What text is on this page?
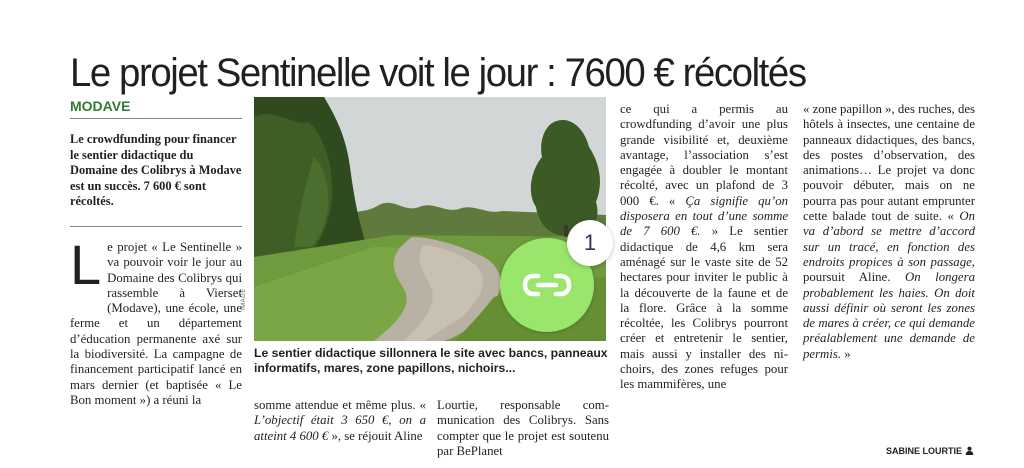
Le projet Sentinelle voit le jour : 7600 € récoltés
MODAVE
Le crowdfunding pour financer le sentier didactique du Domaine des Colibrys à Modave est un succès. 7 600 € sont récoltés.
L e projet « Le Sentinelle » va pouvoir voir le jour au Domaine des Colibrys qui rassemble à Vierset (Modave), une école, une ferme et un département d’éducation permanente axé sur la biodiversité. La campagne de financement participatif lancé en mars dernier (et baptisée « Le Bon moment ») a réuni la

IMAGE
1
Le sentier didactique sillonnera le site avec bancs, panneaux informatifs, mares, zone papillons, nichoirs...

somme attendue et même plus. « L’objectif était 3 650 €, on a atteint 4 600 € », se réjouit Aline

Lourtie, responsable communication des Colibrys. Sans compter que le projet est soutenu par BePlanet

ce qui a permis au crowdfunding d’avoir une plus grande visibilité et, deuxième avantage, l’association s’est engagée à doubler le montant récolté, avec un plafond de 3 000 €. « Ça signifie qu’on disposera en tout d’une somme de 7 600 €. » Le sentier didactique de 4,6 km sera aménagé sur le vaste site de 52 hectares pour inviter le public à la découverte de la faune et de la flore. Grâce à la somme récoltée, les Colibrys pourront créer et entretenir le sentier, mais aussi y installer des nichoirs, des zones refuges pour les mammifères, une

« zone papillon », des ruches, des hôtels à insectes, une centaine de panneaux didactiques, des bancs, des postes d’observation, des animations… Le projet va donc pouvoir débuter, mais on ne pourra pas pour autant emprunter cette balade tout de suite. « On va d’abord se mettre d’accord sur un tracé, en fonction des endroits propices à son passage, poursuit Aline. On longera probablement les haies. On doit aussi définir où seront les zones de mares à créer, ce qui demande préalablement une demande de permis. »

SABINE LOURTIE
